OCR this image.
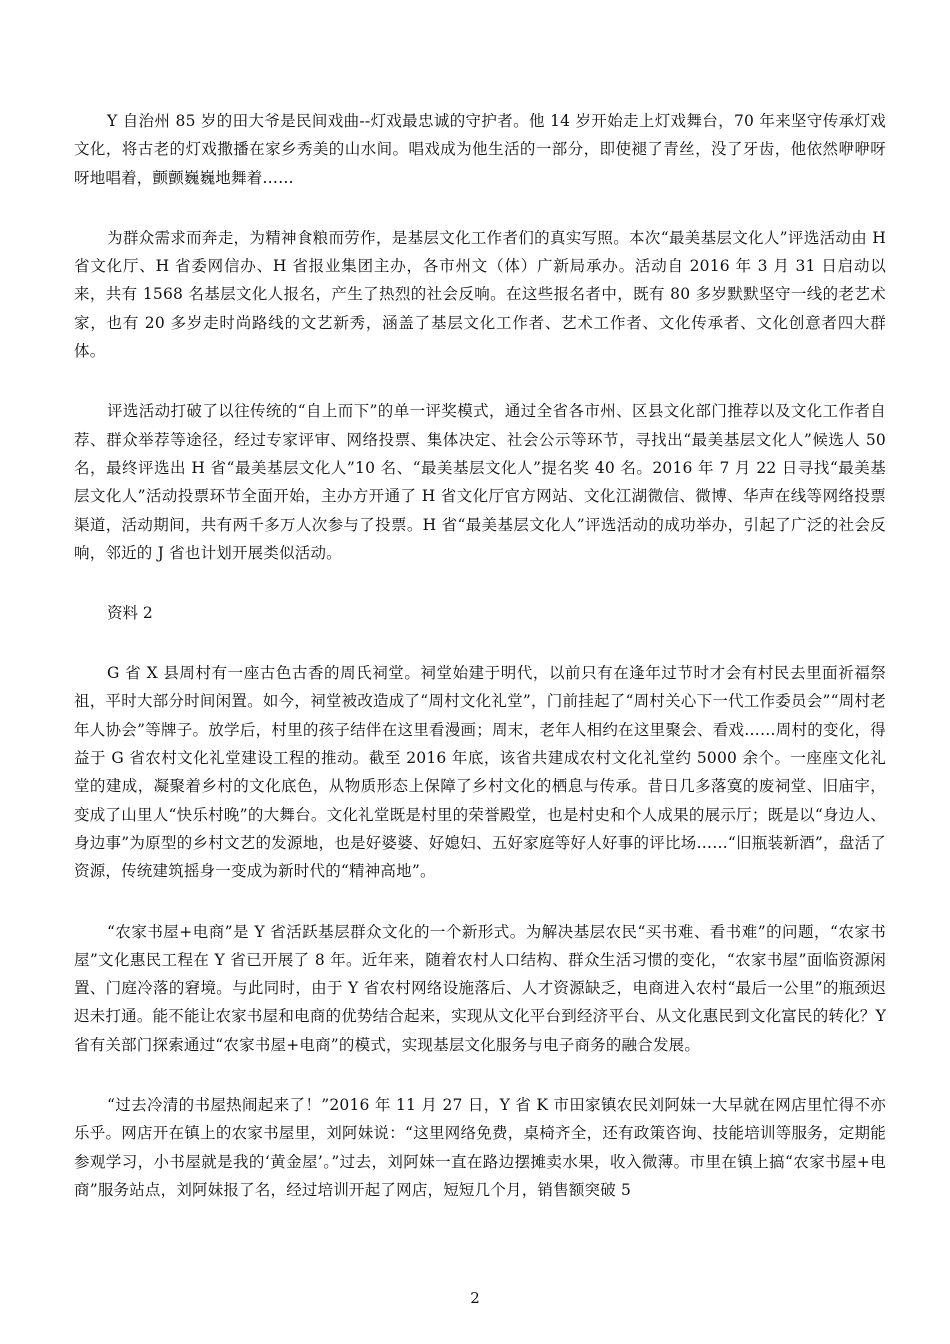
Y 自治州 85 岁的田大爷是民间戏曲--灯戏最忠诚的守护者。他 14 岁开始走上灯戏舞台，70 年来坚守传承灯戏文化，将古老的灯戏撒播在家乡秀美的山水间。唱戏成为他生活的一部分，即使褪了青丝，没了牙齿，他依然咿咿呀呀地唱着，颤颤巍巍地舞着……

为群众需求而奔走，为精神食粮而劳作，是基层文化工作者们的真实写照。本次“最美基层文化人”评选活动由 H 省文化厅、H 省委网信办、H 省报业集团主办，各市州文（体）广新局承办。活动自 2016 年 3 月 31 日启动以来，共有 1568 名基层文化人报名，产生了热烈的社会反响。在这些报名者中，既有 80 多岁默默坚守一线的老艺术家，也有 20 多岁走时尚路线的文艺新秀，涵盖了基层文化工作者、艺术工作者、文化传承者、文化创意者四大群体。

评选活动打破了以往传统的“自上而下”的单一评奖模式，通过全省各市州、区县文化部门推荐以及文化工作者自荐、群众举荐等途径，经过专家评审、网络投票、集体决定、社会公示等环节，寻找出“最美基层文化人”候选人 50 名，最终评选出 H 省“最美基层文化人”10 名、“最美基层文化人”提名奖 40 名。2016 年 7 月 22 日寻找“最美基层文化人”活动投票环节全面开始，主办方开通了 H 省文化厅官方网站、文化江湖微信、微博、华声在线等网络投票渠道，活动期间，共有两千多万人次参与了投票。H 省“最美基层文化人”评选活动的成功举办，引起了广泛的社会反响，邻近的 J 省也计划开展类似活动。

资料 2

G 省 X 县周村有一座古色古香的周氏祠堂。祠堂始建于明代，以前只有在逢年过节时才会有村民去里面祈福祭祖，平时大部分时间闲置。如今，祠堂被改造成了“周村文化礼堂”，门前挂起了“周村关心下一代工作委员会”“周村老年人协会”等牌子。放学后，村里的孩子结伴在这里看漫画；周末，老年人相约在这里聚会、看戏……周村的变化，得益于 G 省农村文化礼堂建设工程的推动。截至 2016 年底，该省共建成农村文化礼堂约 5000 余个。一座座文化礼堂的建成，凝聚着乡村的文化底色，从物质形态上保障了乡村文化的栖息与传承。昔日几多落寞的废祠堂、旧庙宇，变成了山里人“快乐村晚”的大舞台。文化礼堂既是村里的荣誉殿堂，也是村史和个人成果的展示厅；既是以“身边人、身边事”为原型的乡村文艺的发源地，也是好婆婆、好媳妇、五好家庭等好人好事的评比场……“旧瓶装新酒”，盘活了资源，传统建筑摇身一变成为新时代的“精神高地”。

“农家书屋+电商”是 Y 省活跃基层群众文化的一个新形式。为解决基层农民“买书难、看书难”的问题，“农家书屋”文化惠民工程在 Y 省已开展了 8 年。近年来，随着农村人口结构、群众生活习惯的变化，“农家书屋”面临资源闲置、门庭冷落的窘境。与此同时，由于 Y 省农村网络设施落后、人才资源缺乏，电商进入农村“最后一公里”的瓶颈迟迟未打通。能不能让农家书屋和电商的优势结合起来，实现从文化平台到经济平台、从文化惠民到文化富民的转化？Y 省有关部门探索通过“农家书屋+电商”的模式，实现基层文化服务与电子商务的融合发展。

“过去冷清的书屋热闹起来了！”2016 年 11 月 27 日，Y 省 K 市田家镇农民刘阿妹一大早就在网店里忙得不亦乐乎。网店开在镇上的农家书屋里，刘阿妹说：“这里网络免费，桌椅齐全，还有政策咨询、技能培训等服务，定期能参观学习，小书屋就是我的‘黄金屋’。”过去，刘阿妹一直在路边摆摊卖水果，收入微薄。市里在镇上搞“农家书屋+电商”服务站点，刘阿妹报了名，经过培训开起了网店，短短几个月，销售额突破 5

2
